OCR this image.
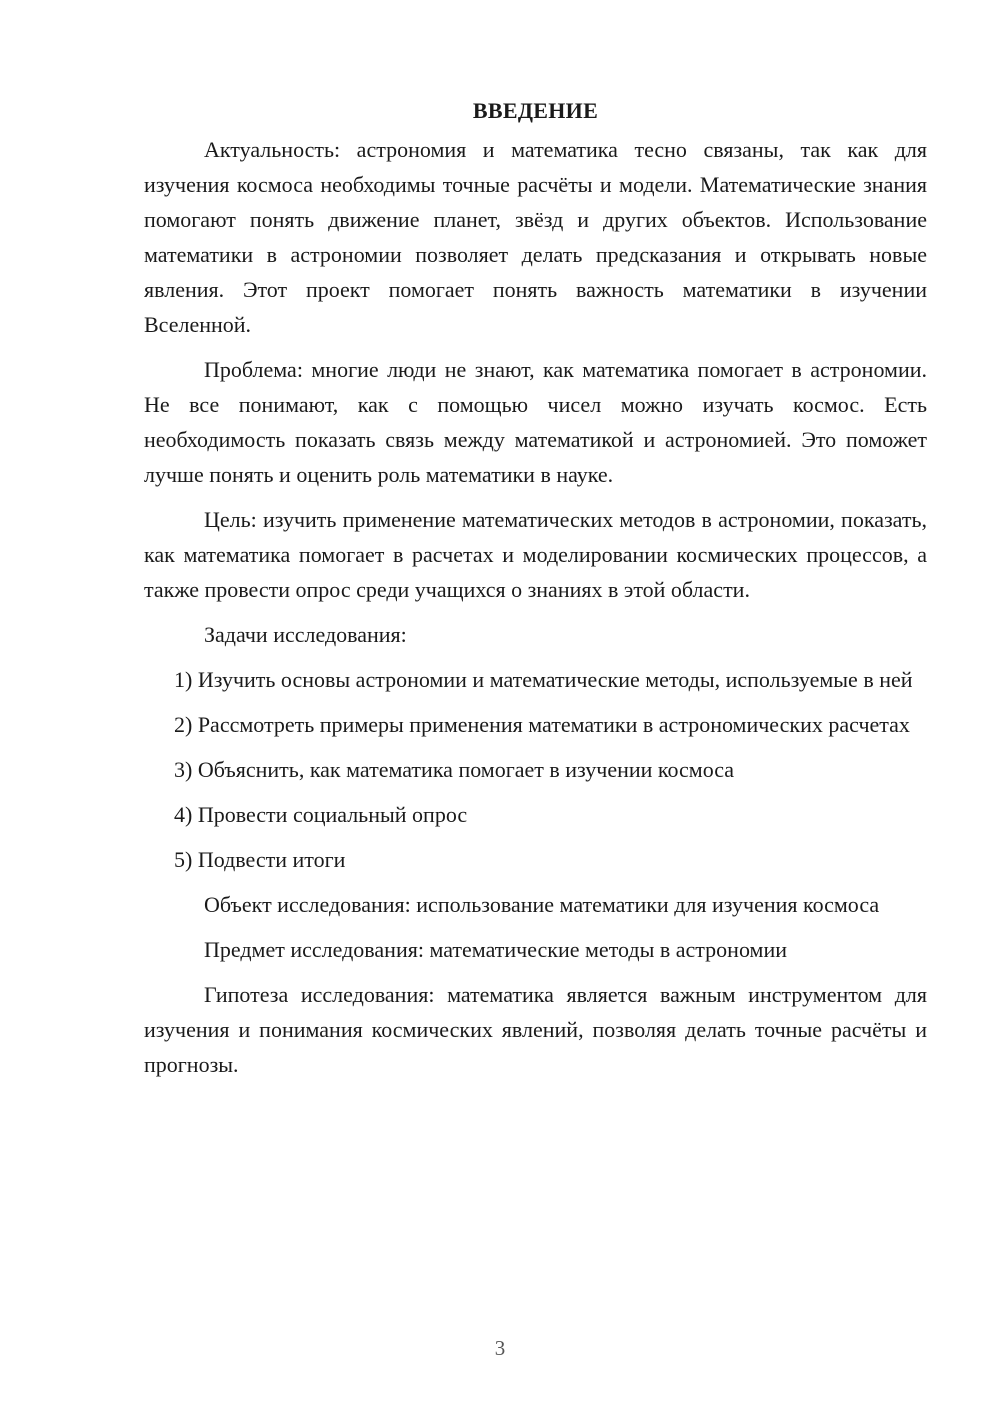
ВВЕДЕНИЕ

Актуальность: астрономия и математика тесно связаны, так как для изучения космоса необходимы точные расчёты и модели. Математические знания помогают понять движение планет, звёзд и других объектов. Использование математики в астрономии позволяет делать предсказания и открывать новые явления. Этот проект помогает понять важность математики в изучении Вселенной.

Проблема: многие люди не знают, как математика помогает в астрономии. Не все понимают, как с помощью чисел можно изучать космос. Есть необходимость показать связь между математикой и астрономией. Это поможет лучше понять и оценить роль математики в науке.

Цель: изучить применение математических методов в астрономии, показать, как математика помогает в расчетах и моделировании космических процессов, а также провести опрос среди учащихся о знаниях в этой области.

Задачи исследования:

1) Изучить основы астрономии и математические методы, используемые в ней

2) Рассмотреть примеры применения математики в астрономических расчетах

3) Объяснить, как математика помогает в изучении космоса

4) Провести социальный опрос

5) Подвести итоги

Объект исследования: использование математики для изучения космоса

Предмет исследования: математические методы в астрономии

Гипотеза исследования: математика является важным инструментом для изучения и понимания космических явлений, позволяя делать точные расчёты и прогнозы.

3
